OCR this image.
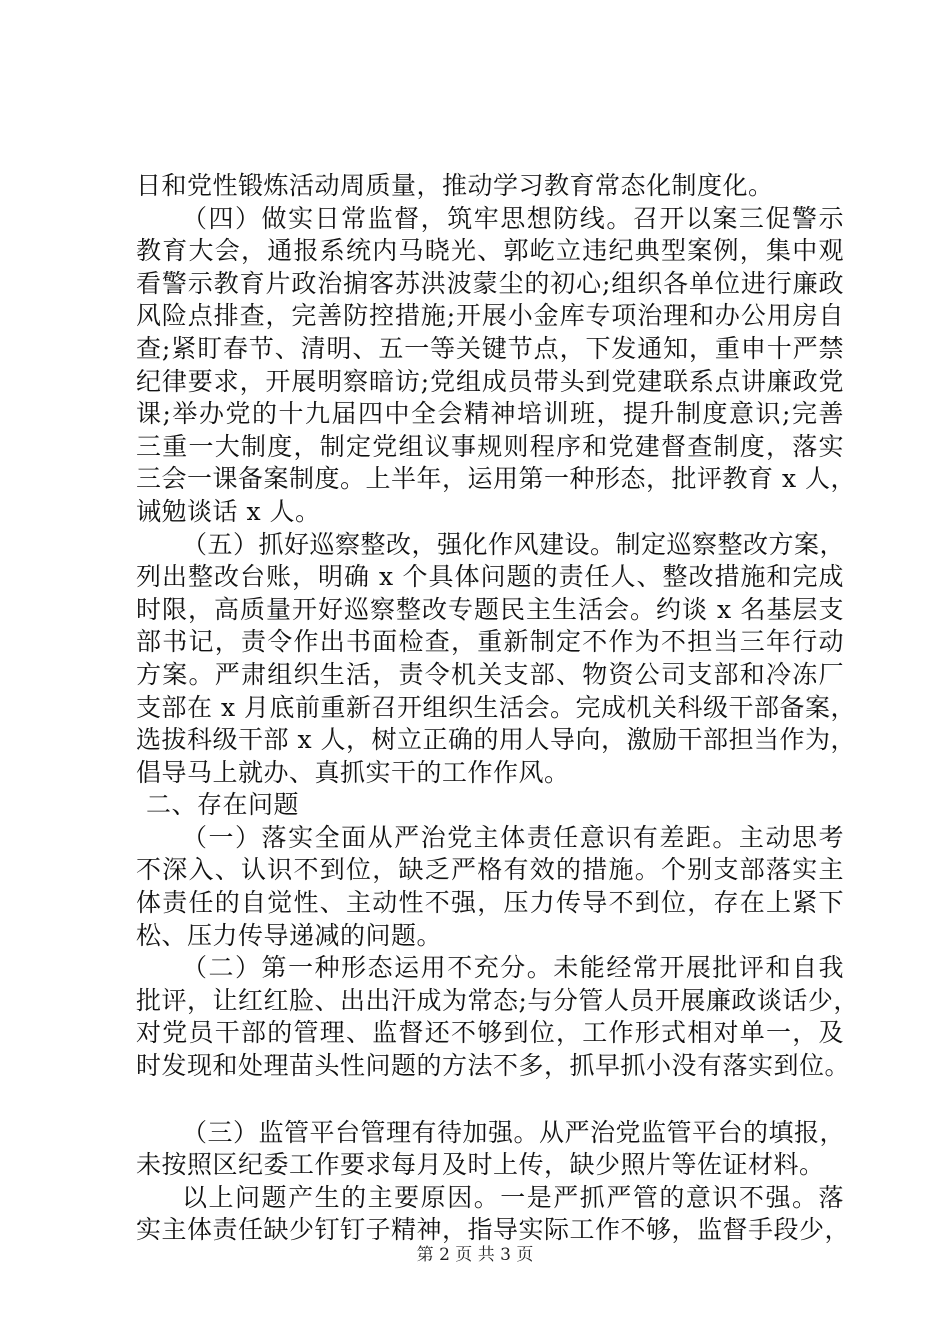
日和党性锻炼活动周质量，推动学习教育常态化制度化。
（四）做实日常监督，筑牢思想防线。召开以案三促警示
教育大会，通报系统内马晓光、郭屹立违纪典型案例，集中观
看警示教育片政治掮客苏洪波蒙尘的初心;组织各单位进行廉政
风险点排查，完善防控措施;开展小金库专项治理和办公用房自
查;紧盯春节、清明、五一等关键节点，下发通知，重申十严禁
纪律要求，开展明察暗访;党组成员带头到党建联系点讲廉政党
课;举办党的十九届四中全会精神培训班，提升制度意识;完善
三重一大制度，制定党组议事规则程序和党建督查制度，落实
三会一课备案制度。上半年，运用第一种形态，批评教育 x 人，
诫勉谈话 x 人。
（五）抓好巡察整改，强化作风建设。制定巡察整改方案，
列出整改台账，明确 x 个具体问题的责任人、整改措施和完成
时限，高质量开好巡察整改专题民主生活会。约谈 x 名基层支
部书记，责令作出书面检查，重新制定不作为不担当三年行动
方案。严肃组织生活，责令机关支部、物资公司支部和冷冻厂
支部在 x 月底前重新召开组织生活会。完成机关科级干部备案，
选拔科级干部 x 人，树立正确的用人导向，激励干部担当作为，
倡导马上就办、真抓实干的工作作风。
二、存在问题
（一）落实全面从严治党主体责任意识有差距。主动思考
不深入、认识不到位，缺乏严格有效的措施。个别支部落实主
体责任的自觉性、主动性不强，压力传导不到位，存在上紧下
松、压力传导递减的问题。
（二）第一种形态运用不充分。未能经常开展批评和自我
批评，让红红脸、出出汗成为常态;与分管人员开展廉政谈话少，
对党员干部的管理、监督还不够到位，工作形式相对单一，及
时发现和处理苗头性问题的方法不多，抓早抓小没有落实到位。
（三）监管平台管理有待加强。从严治党监管平台的填报，
未按照区纪委工作要求每月及时上传，缺少照片等佐证材料。
以上问题产生的主要原因。一是严抓严管的意识不强。落
实主体责任缺少钉钉子精神，指导实际工作不够，监督手段少，
第 2 页 共 3 页
